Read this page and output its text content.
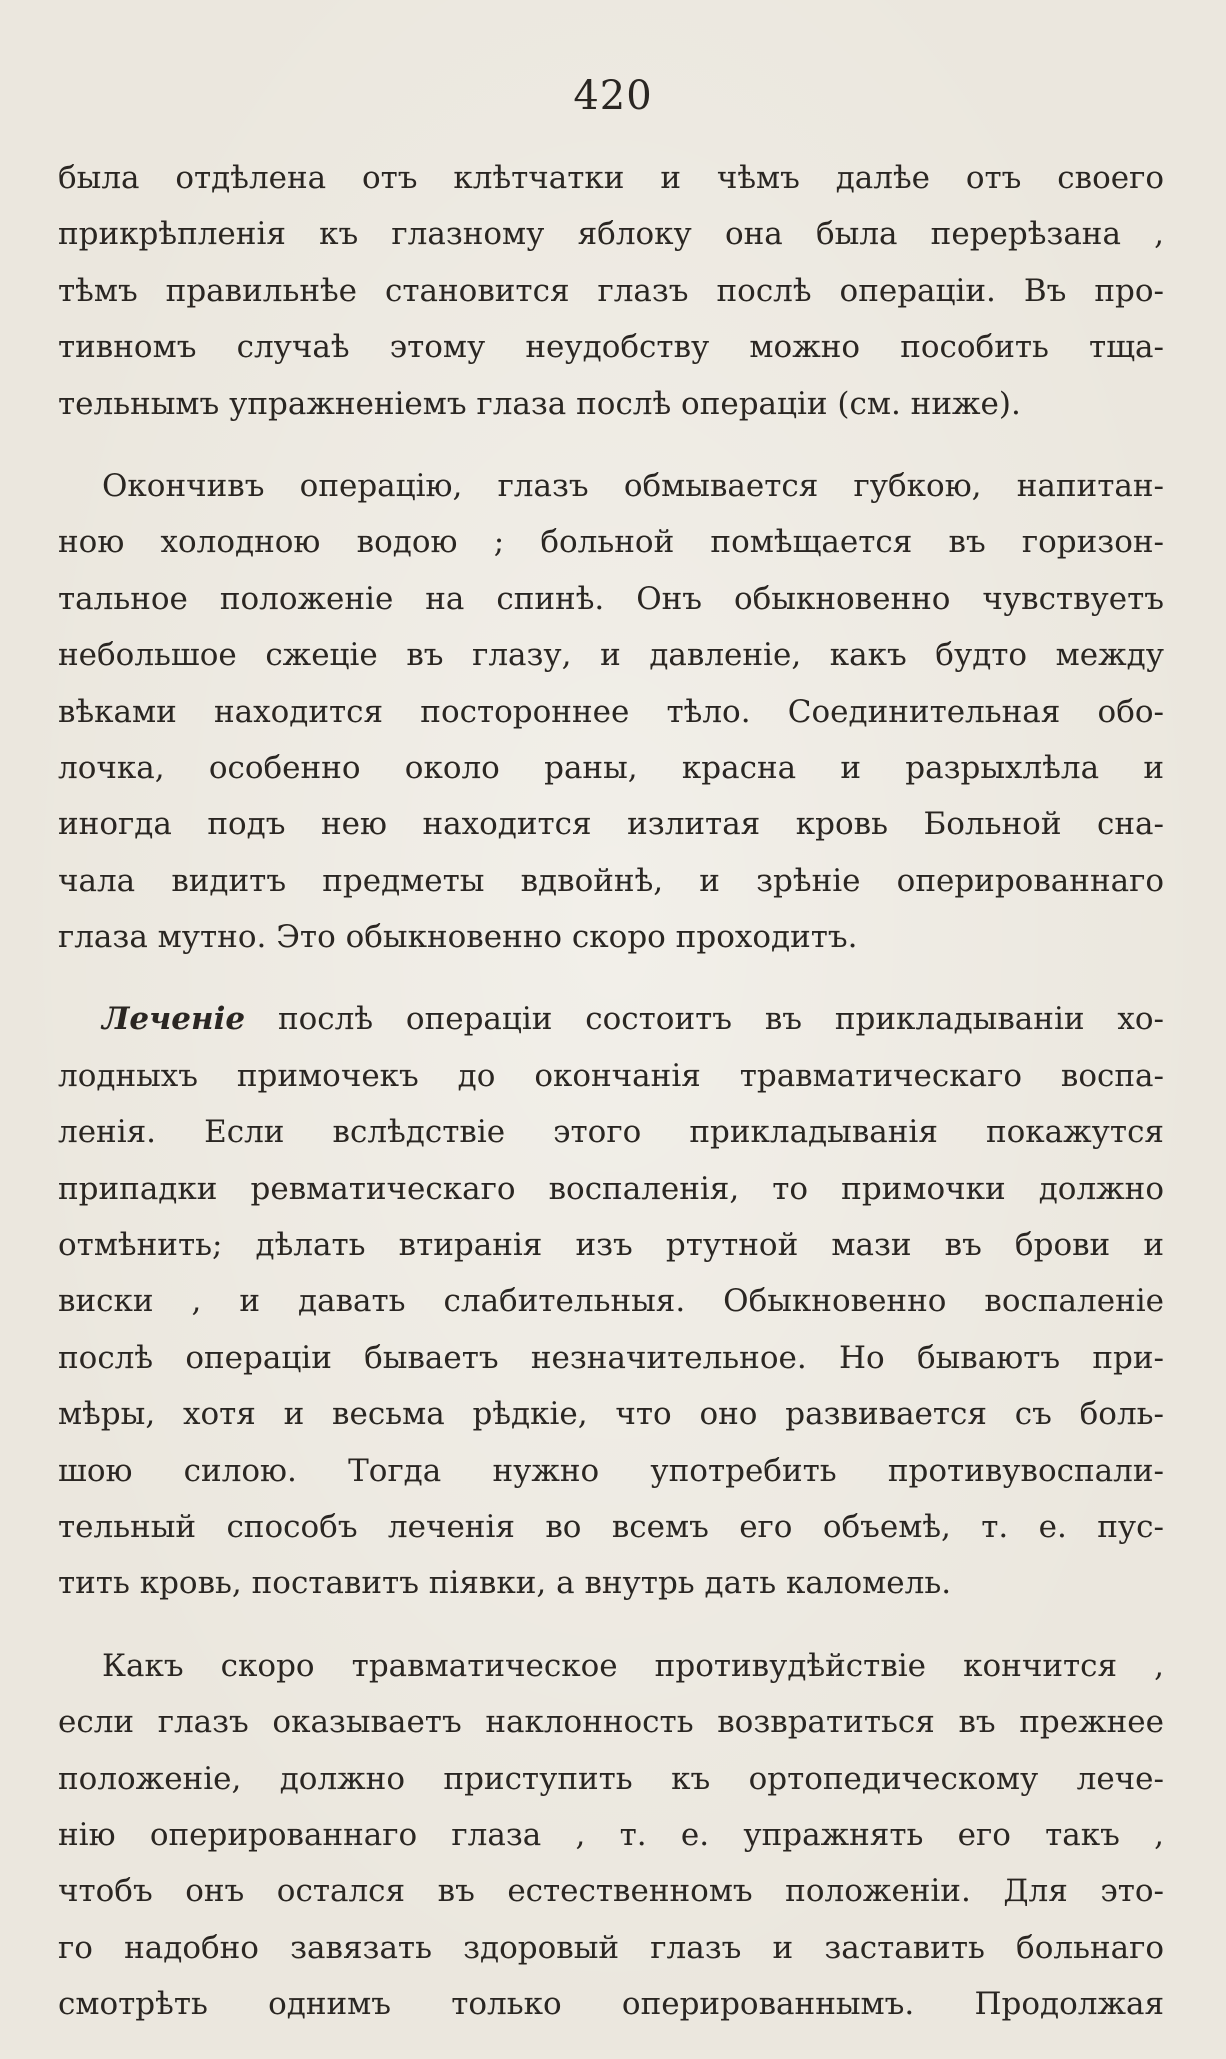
420
была отдѣлена отъ клѣтчатки и чѣмъ далѣе отъ своего
прикрѣпленія къ глазному яблоку она была перерѣзана ,
тѣмъ правильнѣе становится глазъ послѣ операціи. Въ про-
тивномъ случаѣ этому неудобству можно пособить тща-
тельнымъ упражненіемъ глаза послѣ операціи (см. ниже).
Окончивъ операцію, глазъ обмывается губкою, напитан-
ною холодною водою ; больной помѣщается въ горизон-
тальное положеніе на спинѣ. Онъ обыкновенно чувствуетъ
небольшое сжеціе въ глазу, и давленіе, какъ будто между
вѣками находится постороннее тѣло. Соединительная обо-
лочка, особенно около раны, красна и разрыхлѣла и
иногда подъ нею находится излитая кровь Больной сна-
чала видитъ предметы вдвойнѣ, и зрѣніе оперированнаго
глаза мутно. Это обыкновенно скоро проходитъ.
Леченіе послѣ операціи состоитъ въ прикладываніи хо-
лодныхъ примочекъ до окончанія травматическаго воспа-
ленія. Если вслѣдствіе этого прикладыванія покажутся
припадки ревматическаго воспаленія, то примочки должно
отмѣнить; дѣлать втиранія изъ ртутной мази въ брови и
виски , и давать слабительныя. Обыкновенно воспаленіе
послѣ операціи бываетъ незначительное. Но бываютъ при-
мѣры, хотя и весьма рѣдкіе, что оно развивается съ боль-
шою силою. Тогда нужно употребить противувоспали-
тельный способъ леченія во всемъ его объемѣ, т. е. пус-
тить кровь, поставитъ піявки, а внутрь дать каломель.
Какъ скоро травматическое противудѣйствіе кончится ,
если глазъ оказываетъ наклонность возвратиться въ прежнее
положеніе, должно приступить къ ортопедическому лече-
нію оперированнаго глаза , т. е. упражнять его такъ ,
чтобъ онъ остался въ естественномъ положеніи. Для это-
го надобно завязать здоровый глазъ и заставить больнаго
смотрѣть однимъ только оперированнымъ. Продолжая
